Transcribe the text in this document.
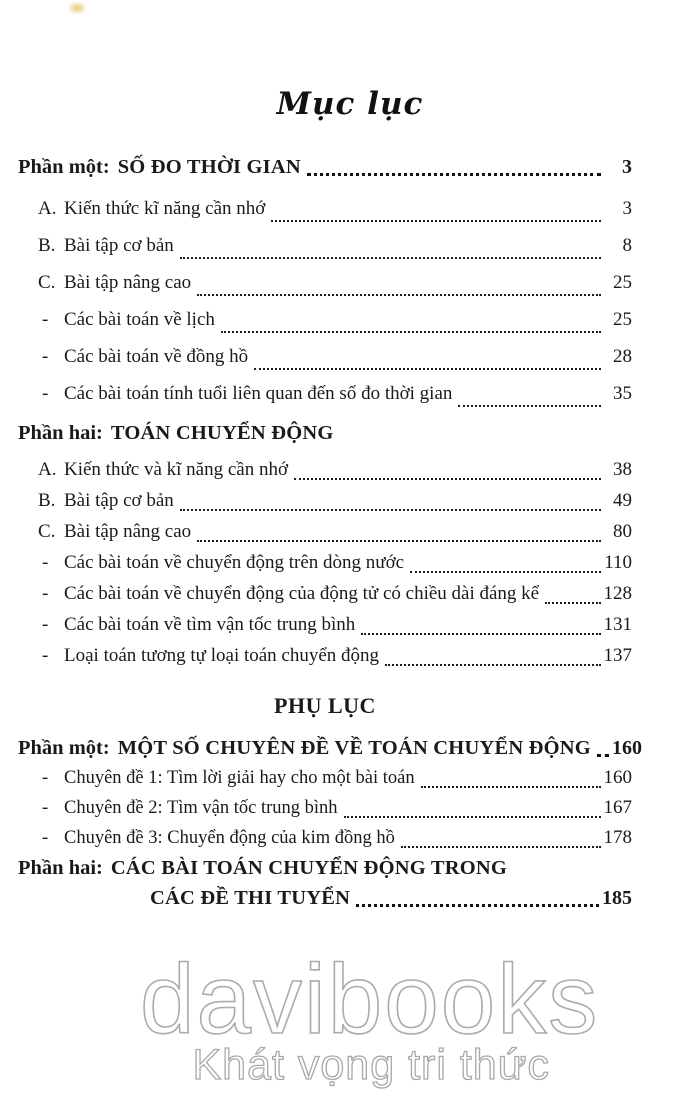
Mục lục
Phần một: SỐ ĐO THỜI GIAN	3
A. Kiến thức kĩ năng cần nhớ	3
B. Bài tập cơ bản	8
C. Bài tập nâng cao	25
- Các bài toán về lịch	25
- Các bài toán về đồng hồ	28
- Các bài toán tính tuổi liên quan đến số đo thời gian	35
Phần hai: TOÁN CHUYỂN ĐỘNG
A. Kiến thức và kĩ năng cần nhớ	38
B. Bài tập cơ bản	49
C. Bài tập nâng cao	80
- Các bài toán về chuyển động trên dòng nước	110
- Các bài toán về chuyển động của động tử có chiều dài đáng kể	128
- Các bài toán về tìm vận tốc trung bình	131
- Loại toán tương tự loại toán chuyển động	137
PHỤ LỤC
Phần một: MỘT SỐ CHUYÊN ĐỀ VỀ TOÁN CHUYỂN ĐỘNG 160
- Chuyên đề 1: Tìm lời giải hay cho một bài toán	160
- Chuyên đề 2: Tìm vận tốc trung bình	167
- Chuyên đề 3: Chuyển động của kim đồng hồ	178
Phần hai: CÁC BÀI TOÁN CHUYỂN ĐỘNG TRONG
CÁC ĐỀ THI TUYỂN	185
davibooks
Khát vọng tri thức
